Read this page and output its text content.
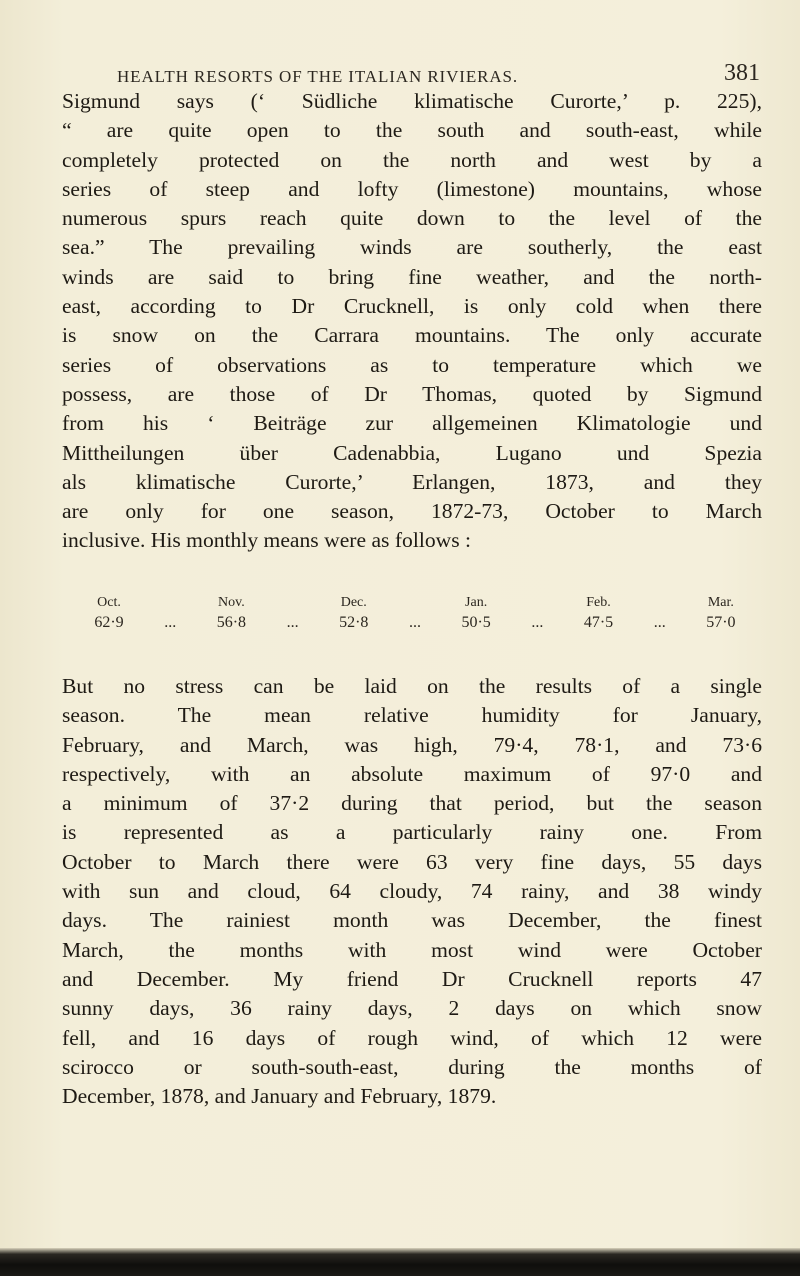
HEALTH RESORTS OF THE ITALIAN RIVIERAS.	381
Sigmund says (‘ Südliche klimatische Curorte,’ p. 225),
“ are quite open to the south and south-east, while
completely protected on the north and west by a
series of steep and lofty (limestone) mountains, whose
numerous spurs reach quite down to the level of the
sea.” The prevailing winds are southerly, the east
winds are said to bring fine weather, and the north-
east, according to Dr Crucknell, is only cold when there
is snow on the Carrara mountains. The only accurate
series of observations as to temperature which we
possess, are those of Dr Thomas, quoted by Sigmund
from his ‘ Beiträge zur allgemeinen Klimatologie und
Mittheilungen über Cadenabbia, Lugano und Spezia
als klimatische Curorte,’ Erlangen, 1873, and they
are only for one season, 1872-73, October to March
inclusive. His monthly means were as follows :
Oct.	Nov.	Dec.	Jan.	Feb.	Mar.
62·9	...	56·8	...	52·8	...	50·5	...	47·5	...	57·0
But no stress can be laid on the results of a single
season. The mean relative humidity for January,
February, and March, was high, 79·4, 78·1, and 73·6
respectively, with an absolute maximum of 97·0 and
a minimum of 37·2 during that period, but the season
is represented as a particularly rainy one. From
October to March there were 63 very fine days, 55 days
with sun and cloud, 64 cloudy, 74 rainy, and 38 windy
days. The rainiest month was December, the finest
March, the months with most wind were October
and December. My friend Dr Crucknell reports 47
sunny days, 36 rainy days, 2 days on which snow
fell, and 16 days of rough wind, of which 12 were
scirocco or south-south-east, during the months of
December, 1878, and January and February, 1879.
